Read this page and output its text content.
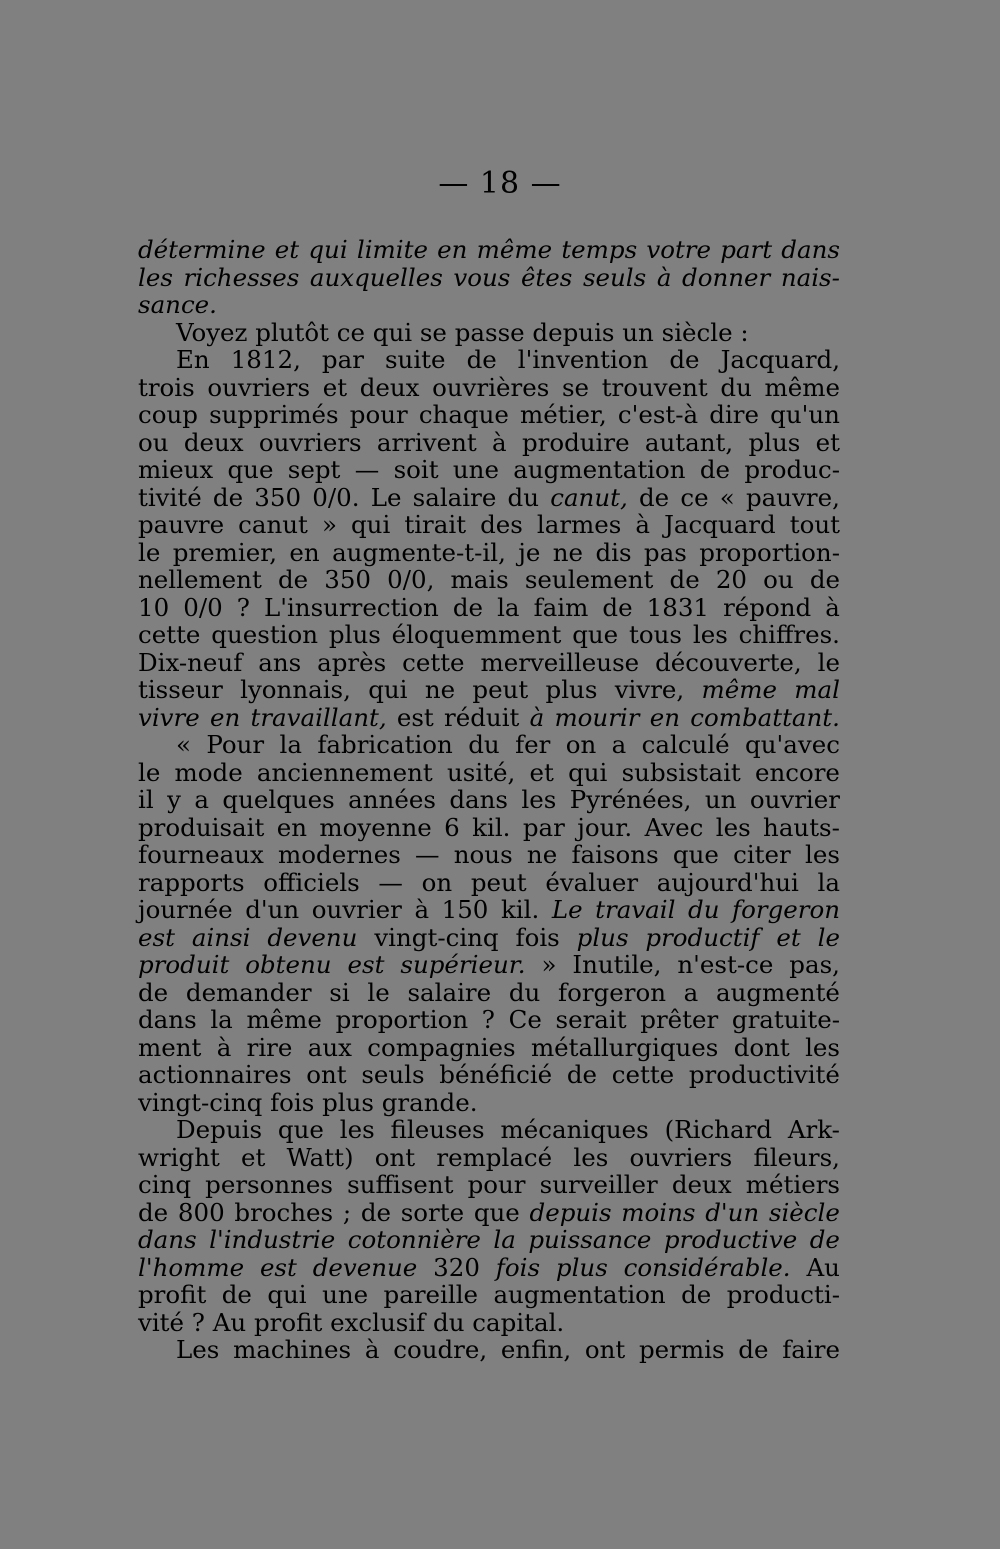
— 18 —
détermine et qui limite en même temps votre part dans
les richesses auxquelles vous êtes seuls à donner nais-
sance.
Voyez plutôt ce qui se passe depuis un siècle :
En 1812, par suite de l'invention de Jacquard,
trois ouvriers et deux ouvrières se trouvent du même
coup supprimés pour chaque métier, c'est-à dire qu'un
ou deux ouvriers arrivent à produire autant, plus et
mieux que sept — soit une augmentation de produc-
tivité de 350 0/0. Le salaire du canut, de ce « pauvre,
pauvre canut » qui tirait des larmes à Jacquard tout
le premier, en augmente-t-il, je ne dis pas proportion-
nellement de 350 0/0, mais seulement de 20 ou de
10 0/0 ? L'insurrection de la faim de 1831 répond à
cette question plus éloquemment que tous les chiffres.
Dix-neuf ans après cette merveilleuse découverte, le
tisseur lyonnais, qui ne peut plus vivre, même mal
vivre en travaillant, est réduit à mourir en combattant.
« Pour la fabrication du fer on a calculé qu'avec
le mode anciennement usité, et qui subsistait encore
il y a quelques années dans les Pyrénées, un ouvrier
produisait en moyenne 6 kil. par jour. Avec les hauts-
fourneaux modernes — nous ne faisons que citer les
rapports officiels — on peut évaluer aujourd'hui la
journée d'un ouvrier à 150 kil. Le travail du forgeron
est ainsi devenu vingt-cinq fois plus productif et le
produit obtenu est supérieur. » Inutile, n'est-ce pas,
de demander si le salaire du forgeron a augmenté
dans la même proportion ? Ce serait prêter gratuite-
ment à rire aux compagnies métallurgiques dont les
actionnaires ont seuls bénéficié de cette productivité
vingt-cinq fois plus grande.
Depuis que les fileuses mécaniques (Richard Ark-
wright et Watt) ont remplacé les ouvriers fileurs,
cinq personnes suffisent pour surveiller deux métiers
de 800 broches ; de sorte que depuis moins d'un siècle
dans l'industrie cotonnière la puissance productive de
l'homme est devenue 320 fois plus considérable. Au
profit de qui une pareille augmentation de producti-
vité ? Au profit exclusif du capital.
Les machines à coudre, enfin, ont permis de faire
